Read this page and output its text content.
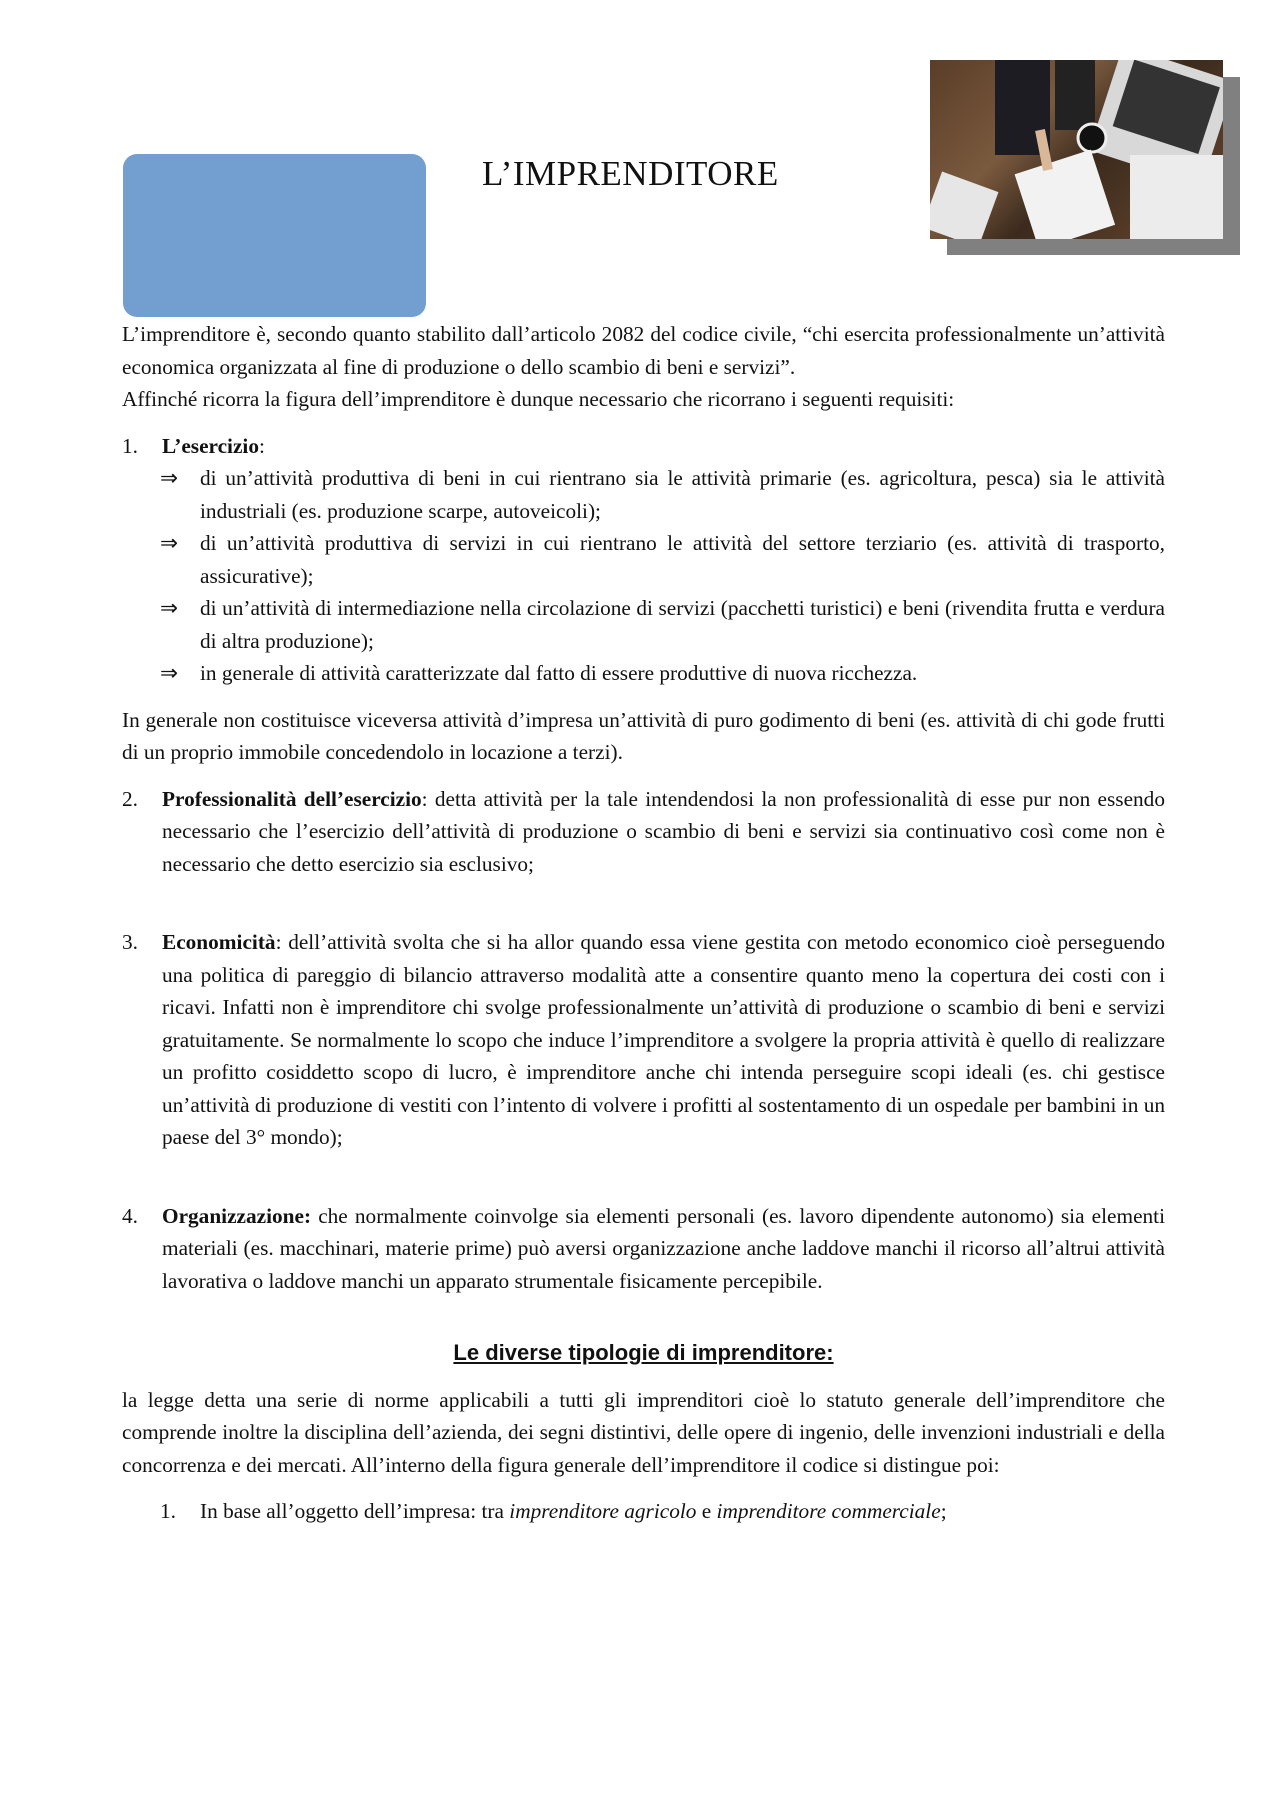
L’IMPRENDITORE

L’imprenditore è, secondo quanto stabilito dall’articolo 2082 del codice civile, “chi esercita professionalmente un’attività economica organizzata al fine di produzione o dello scambio di beni e servizi”.

Affinché ricorra la figura dell’imprenditore è dunque necessario che ricorrano i seguenti requisiti:

1.	L’esercizio:
⇒	di un’attività produttiva di beni in cui rientrano sia le attività primarie (es. agricoltura, pesca) sia le attività industriali (es. produzione scarpe, autoveicoli);
⇒	di un’attività produttiva di servizi in cui rientrano le attività del settore terziario (es. attività di trasporto, assicurative);
⇒	di un’attività di intermediazione nella circolazione di servizi (pacchetti turistici) e beni (rivendita frutta e verdura di altra produzione);
⇒	in generale di attività caratterizzate dal fatto di essere produttive di nuova ricchezza.

In generale non costituisce viceversa attività d’impresa un’attività di puro godimento di beni (es. attività di chi gode frutti di un proprio immobile concedendolo in locazione a terzi).

2.	Professionalità dell’esercizio: detta attività per la tale intendendosi la non professionalità di esse pur non essendo necessario che l’esercizio dell’attività di produzione o scambio di beni e servizi sia continuativo così come non è necessario che detto esercizio sia esclusivo;
3.	Economicità: dell’attività svolta che si ha allor quando essa viene gestita con metodo economico cioè perseguendo una politica di pareggio di bilancio attraverso modalità atte a consentire quanto meno la copertura dei costi con i ricavi. Infatti non è imprenditore chi svolge professionalmente un’attività di produzione o scambio di beni e servizi gratuitamente. Se normalmente lo scopo che induce l’imprenditore a svolgere la propria attività è quello di realizzare un profitto cosiddetto scopo di lucro, è imprenditore anche chi intenda perseguire scopi ideali (es. chi gestisce un’attività di produzione di vestiti con l’intento di volvere i profitti al sostentamento di un ospedale per bambini in un paese del 3° mondo);
4.	Organizzazione: che normalmente coinvolge sia elementi personali (es. lavoro dipendente autonomo) sia elementi materiali (es. macchinari, materie prime) può aversi organizzazione anche laddove manchi il ricorso all’altrui attività lavorativa o laddove manchi un apparato strumentale fisicamente percepibile.
Le diverse tipologie di imprenditore:

la legge detta una serie di norme applicabili a tutti gli imprenditori cioè lo statuto generale dell’imprenditore che comprende inoltre la disciplina dell’azienda, dei segni distintivi, delle opere di ingenio, delle invenzioni industriali e della concorrenza e dei mercati. All’interno della figura generale dell’imprenditore il codice si distingue poi:

1.	In base all’oggetto dell’impresa: tra imprenditore agricolo e imprenditore commerciale;
